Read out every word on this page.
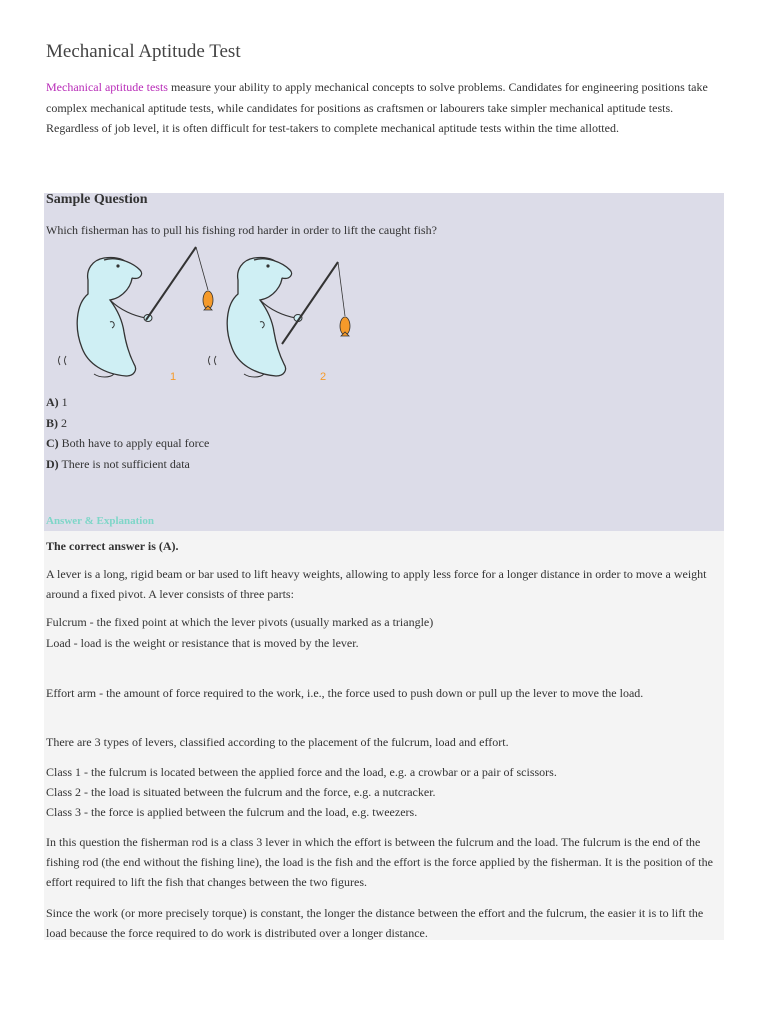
Mechanical Aptitude Test

Mechanical aptitude tests measure your ability to apply mechanical concepts to solve problems. Candidates for engineering positions take complex mechanical aptitude tests, while candidates for positions as craftsmen or labourers take simpler mechanical aptitude tests. Regardless of job level, it is often difficult for test-takers to complete mechanical aptitude tests within the time allotted.

Sample Question

Which fisherman has to pull his fishing rod harder in order to lift the caught fish?

1	2
A) 1
B) 2
C) Both have to apply equal force
D) There is not sufficient data
Answer & Explanation

The correct answer is (A).

A lever is a long, rigid beam or bar used to lift heavy weights, allowing to apply less force for a longer distance in order to move a weight around a fixed pivot. A lever consists of three parts:

Fulcrum - the fixed point at which the lever pivots (usually marked as a triangle)

Load - load is the weight or resistance that is moved by the lever.

Effort arm - the amount of force required to the work, i.e., the force used to push down or pull up the lever to move the load.

There are 3 types of levers, classified according to the placement of the fulcrum, load and effort.

Class 1 - the fulcrum is located between the applied force and the load, e.g. a crowbar or a pair of scissors.

Class 2 - the load is situated between the fulcrum and the force, e.g. a nutcracker.

Class 3 - the force is applied between the fulcrum and the load, e.g. tweezers.

In this question the fisherman rod is a class 3 lever in which the effort is between the fulcrum and the load. The fulcrum is the end of the fishing rod (the end without the fishing line), the load is the fish and the effort is the force applied by the fisherman. It is the position of the effort required to lift the fish that changes between the two figures.

Since the work (or more precisely torque) is constant, the longer the distance between the effort and the fulcrum, the easier it is to lift the load because the force required to do work is distributed over a longer distance.
